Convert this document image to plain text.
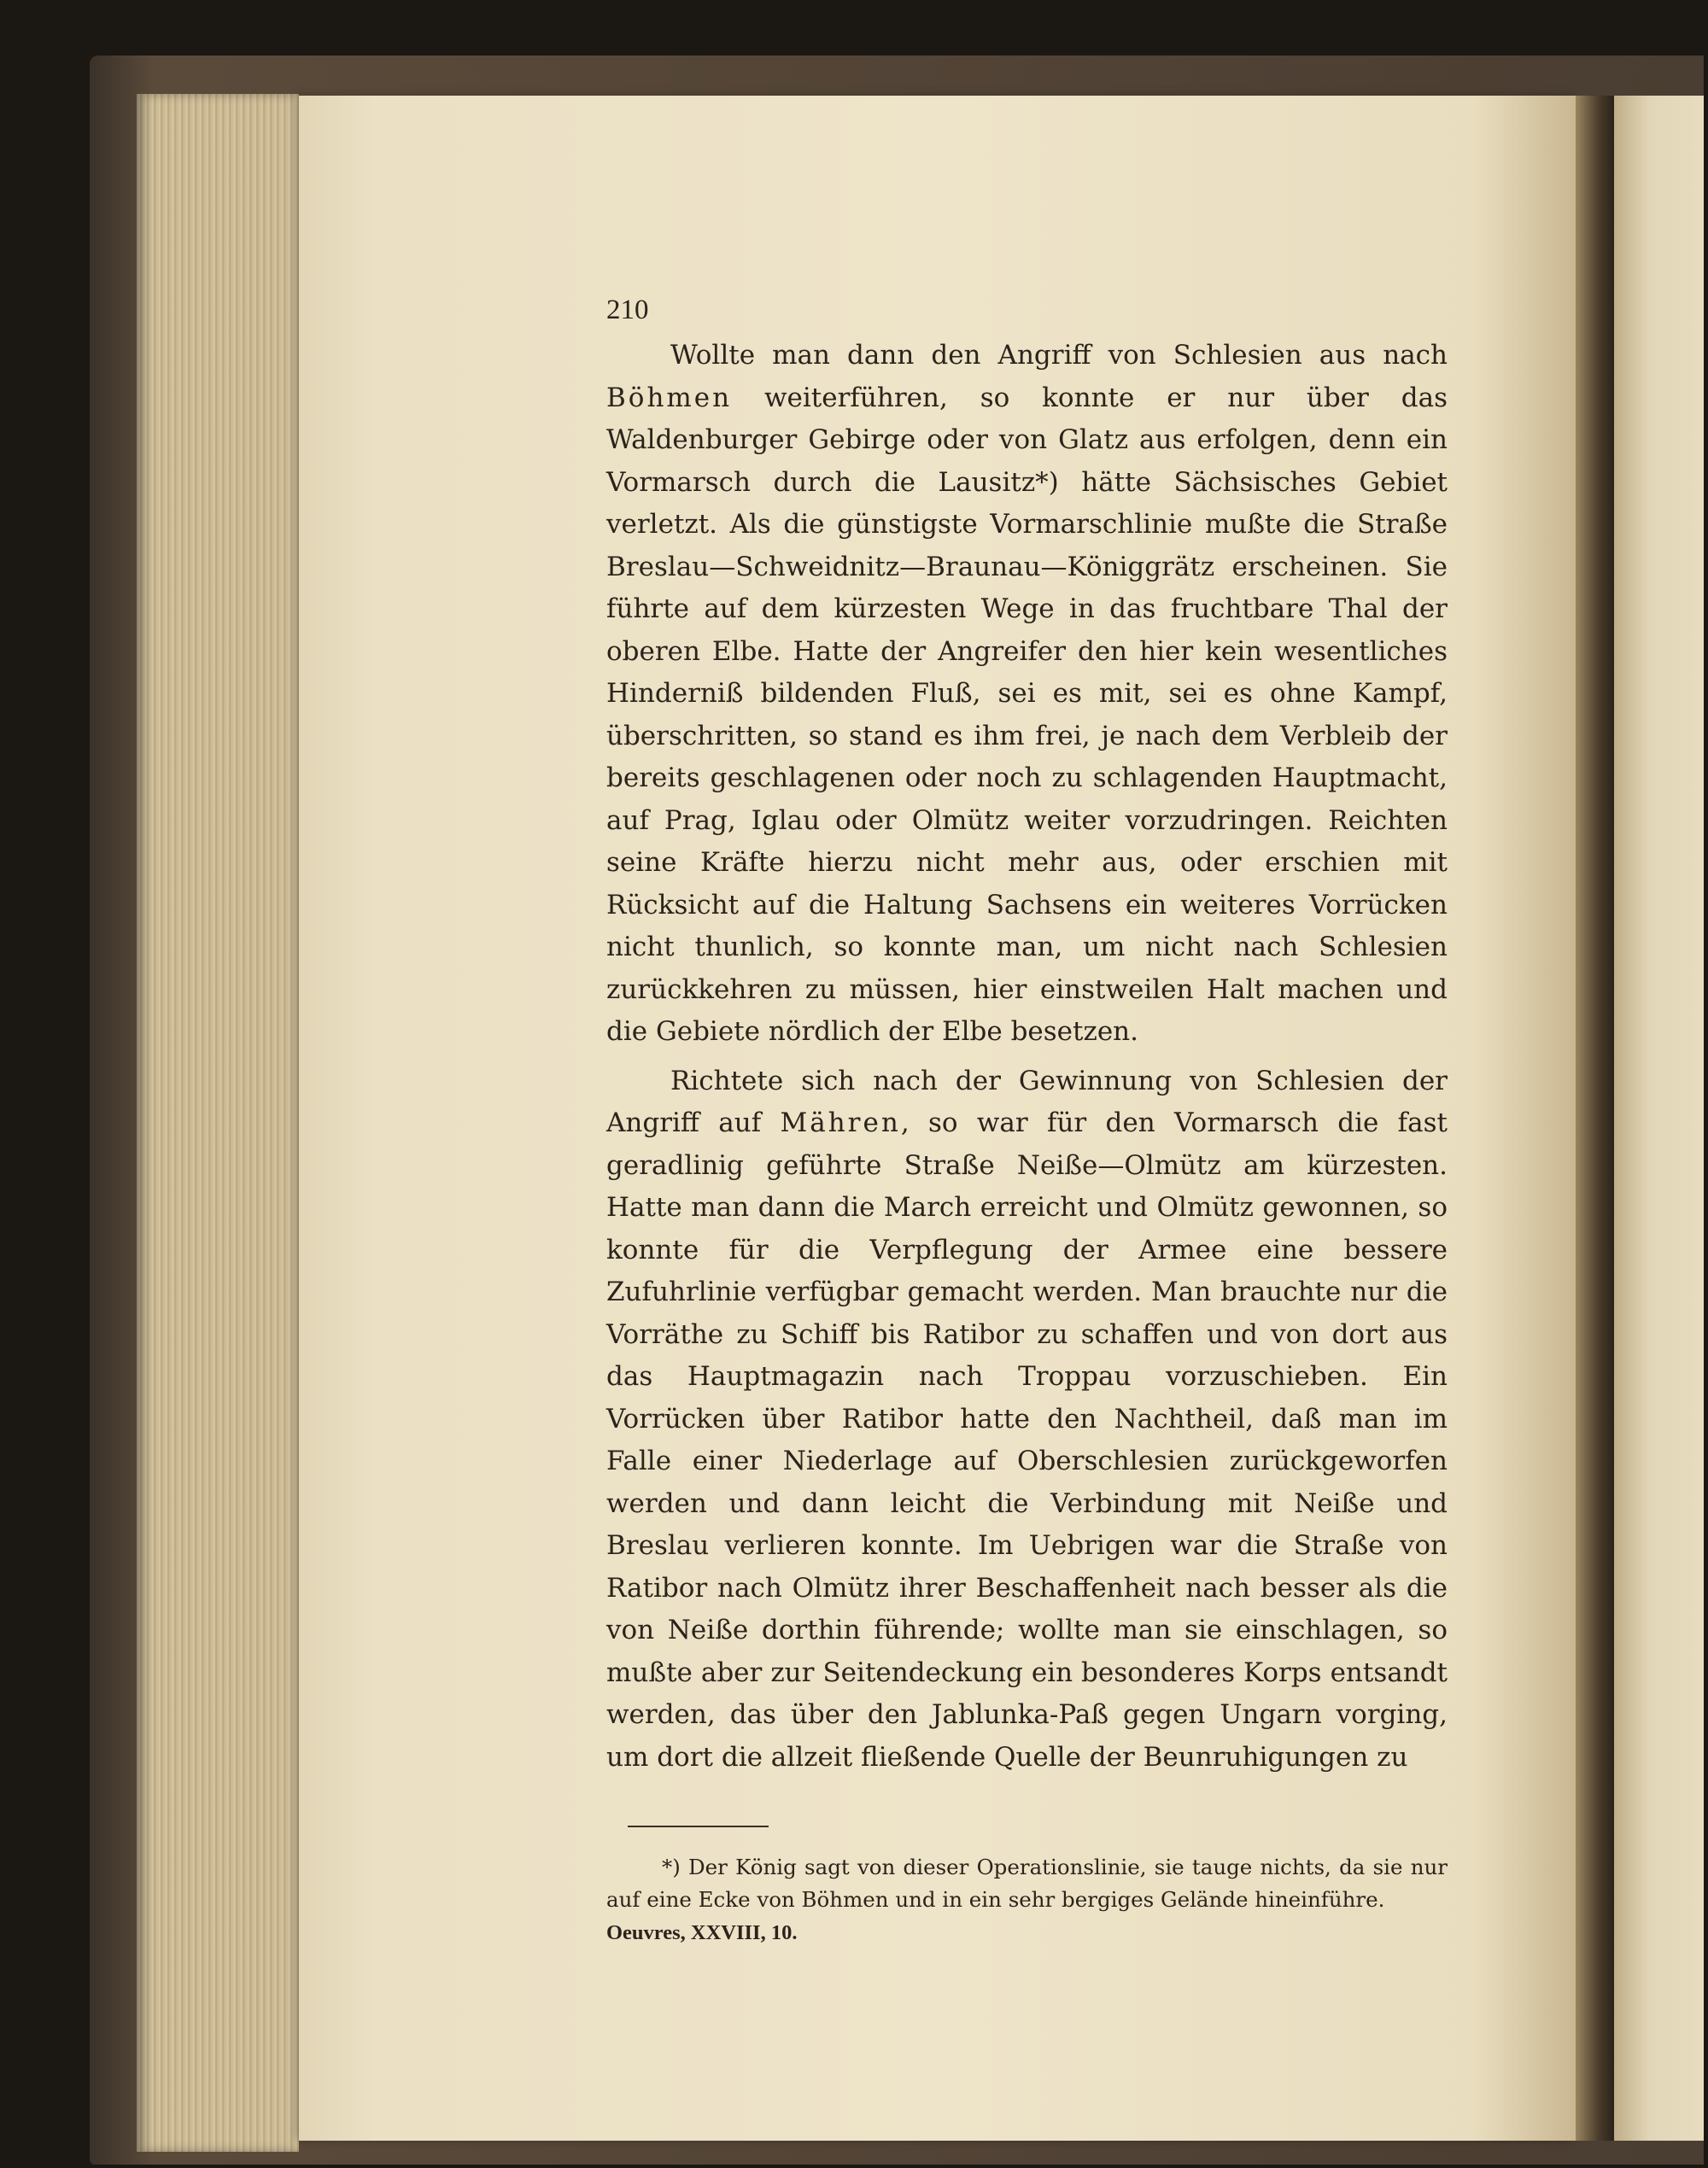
210

Wollte man dann den Angriff von Schlesien aus nach Böhmen weiterführen, so konnte er nur über das Waldenburger Gebirge oder von Glatz aus erfolgen, denn ein Vormarsch durch die Lausitz*) hätte Sächsisches Gebiet verletzt. Als die günstigste Vormarschlinie mußte die Straße Breslau—Schweidnitz—Braunau—Königgrätz erscheinen. Sie führte auf dem kürzesten Wege in das fruchtbare Thal der oberen Elbe. Hatte der Angreifer den hier kein wesentliches Hinderniß bildenden Fluß, sei es mit, sei es ohne Kampf, überschritten, so stand es ihm frei, je nach dem Verbleib der bereits geschlagenen oder noch zu schlagenden Hauptmacht, auf Prag, Iglau oder Olmütz weiter vorzudringen. Reichten seine Kräfte hierzu nicht mehr aus, oder erschien mit Rücksicht auf die Haltung Sachsens ein weiteres Vorrücken nicht thunlich, so konnte man, um nicht nach Schlesien zurückkehren zu müssen, hier einstweilen Halt machen und die Gebiete nördlich der Elbe besetzen.

Richtete sich nach der Gewinnung von Schlesien der Angriff auf Mähren, so war für den Vormarsch die fast geradlinig geführte Straße Neiße—Olmütz am kürzesten. Hatte man dann die March erreicht und Olmütz gewonnen, so konnte für die Verpflegung der Armee eine bessere Zufuhrlinie verfügbar gemacht werden. Man brauchte nur die Vorräthe zu Schiff bis Ratibor zu schaffen und von dort aus das Hauptmagazin nach Troppau vorzuschieben. Ein Vorrücken über Ratibor hatte den Nachtheil, daß man im Falle einer Niederlage auf Oberschlesien zurückgeworfen werden und dann leicht die Verbindung mit Neiße und Breslau verlieren konnte. Im Uebrigen war die Straße von Ratibor nach Olmütz ihrer Beschaffenheit nach besser als die von Neiße dorthin führende; wollte man sie einschlagen, so mußte aber zur Seitendeckung ein besonderes Korps entsandt werden, das über den Jablunka-Paß gegen Ungarn vorging, um dort die allzeit fließende Quelle der Beunruhigungen zu

*) Der König sagt von dieser Operationslinie, sie tauge nichts, da sie nur auf eine Ecke von Böhmen und in ein sehr bergiges Gelände hineinführe.
Oeuvres, XXVIII, 10.
